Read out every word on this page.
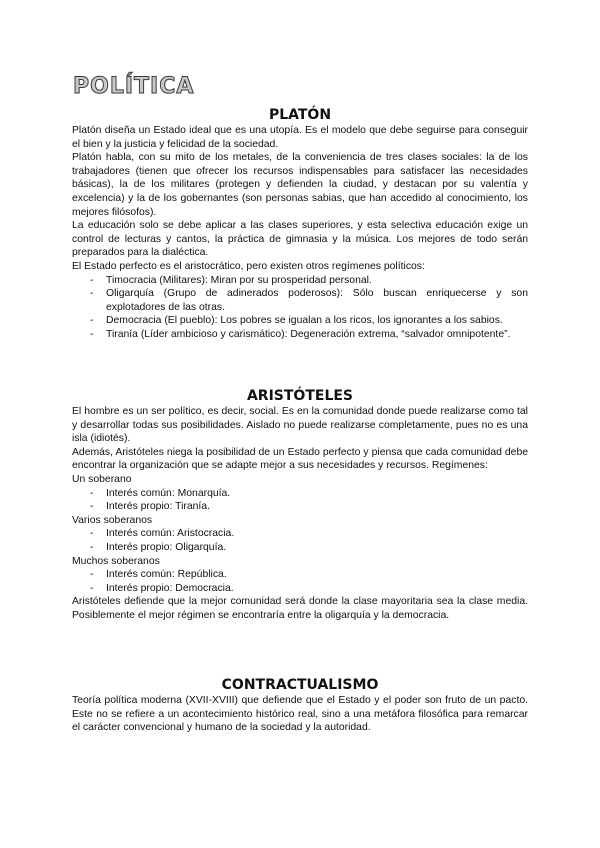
POLÍTICA
PLATÓN

Platón diseña un Estado ideal que es una utopía. Es el modelo que debe seguirse para conseguir el bien y la justicia y felicidad de la sociedad.

Platón habla, con su mito de los metales, de la conveniencia de tres clases sociales: la de los trabajadores (tienen que ofrecer los recursos indispensables para satisfacer las necesidades básicas), la de los militares (protegen y defienden la ciudad, y destacan por su valentía y excelencia) y la de los gobernantes (son personas sabias, que han accedido al conocimiento, los mejores filósofos).

La educación solo se debe aplicar a las clases superiores, y esta selectiva educación exige un control de lecturas y cantos, la práctica de gimnasia y la música. Los mejores de todo serán preparados para la dialéctica.

El Estado perfecto es el aristocrático, pero existen otros regímenes políticos:

- Timocracia (Militares): Miran por su prosperidad personal.
- Oligarquía (Grupo de adinerados poderosos): Sólo buscan enriquecerse y son explotadores de las otras.
- Democracia (El pueblo): Los pobres se igualan a los ricos, los ignorantes a los sabios.
- Tiranía (Líder ambicioso y carismático): Degeneración extrema, “salvador omnipotente”.
ARISTÓTELES

El hombre es un ser político, es decir, social. Es en la comunidad donde puede realizarse como tal y desarrollar todas sus posibilidades. Aislado no puede realizarse completamente, pues no es una isla (idiotés).

Además, Aristóteles niega la posibilidad de un Estado perfecto y piensa que cada comunidad debe encontrar la organización que se adapte mejor a sus necesidades y recursos. Regímenes:

Un soberano

- Interés común: Monarquía.
- Interés propio: Tiranía.

Varios soberanos

- Interés común: Aristocracia.
- Interés propio: Oligarquía.

Muchos soberanos

- Interés común: República.
- Interés propio: Democracia.

Aristóteles defiende que la mejor comunidad será donde la clase mayoritaria sea la clase media. Posiblemente el mejor régimen se encontraría entre la oligarquía y la democracia.

CONTRACTUALISMO

Teoría política moderna (XVII-XVIII) que defiende que el Estado y el poder son fruto de un pacto. Este no se refiere a un acontecimiento histórico real, sino a una metáfora filosófica para remarcar el carácter convencional y humano de la sociedad y la autoridad.
